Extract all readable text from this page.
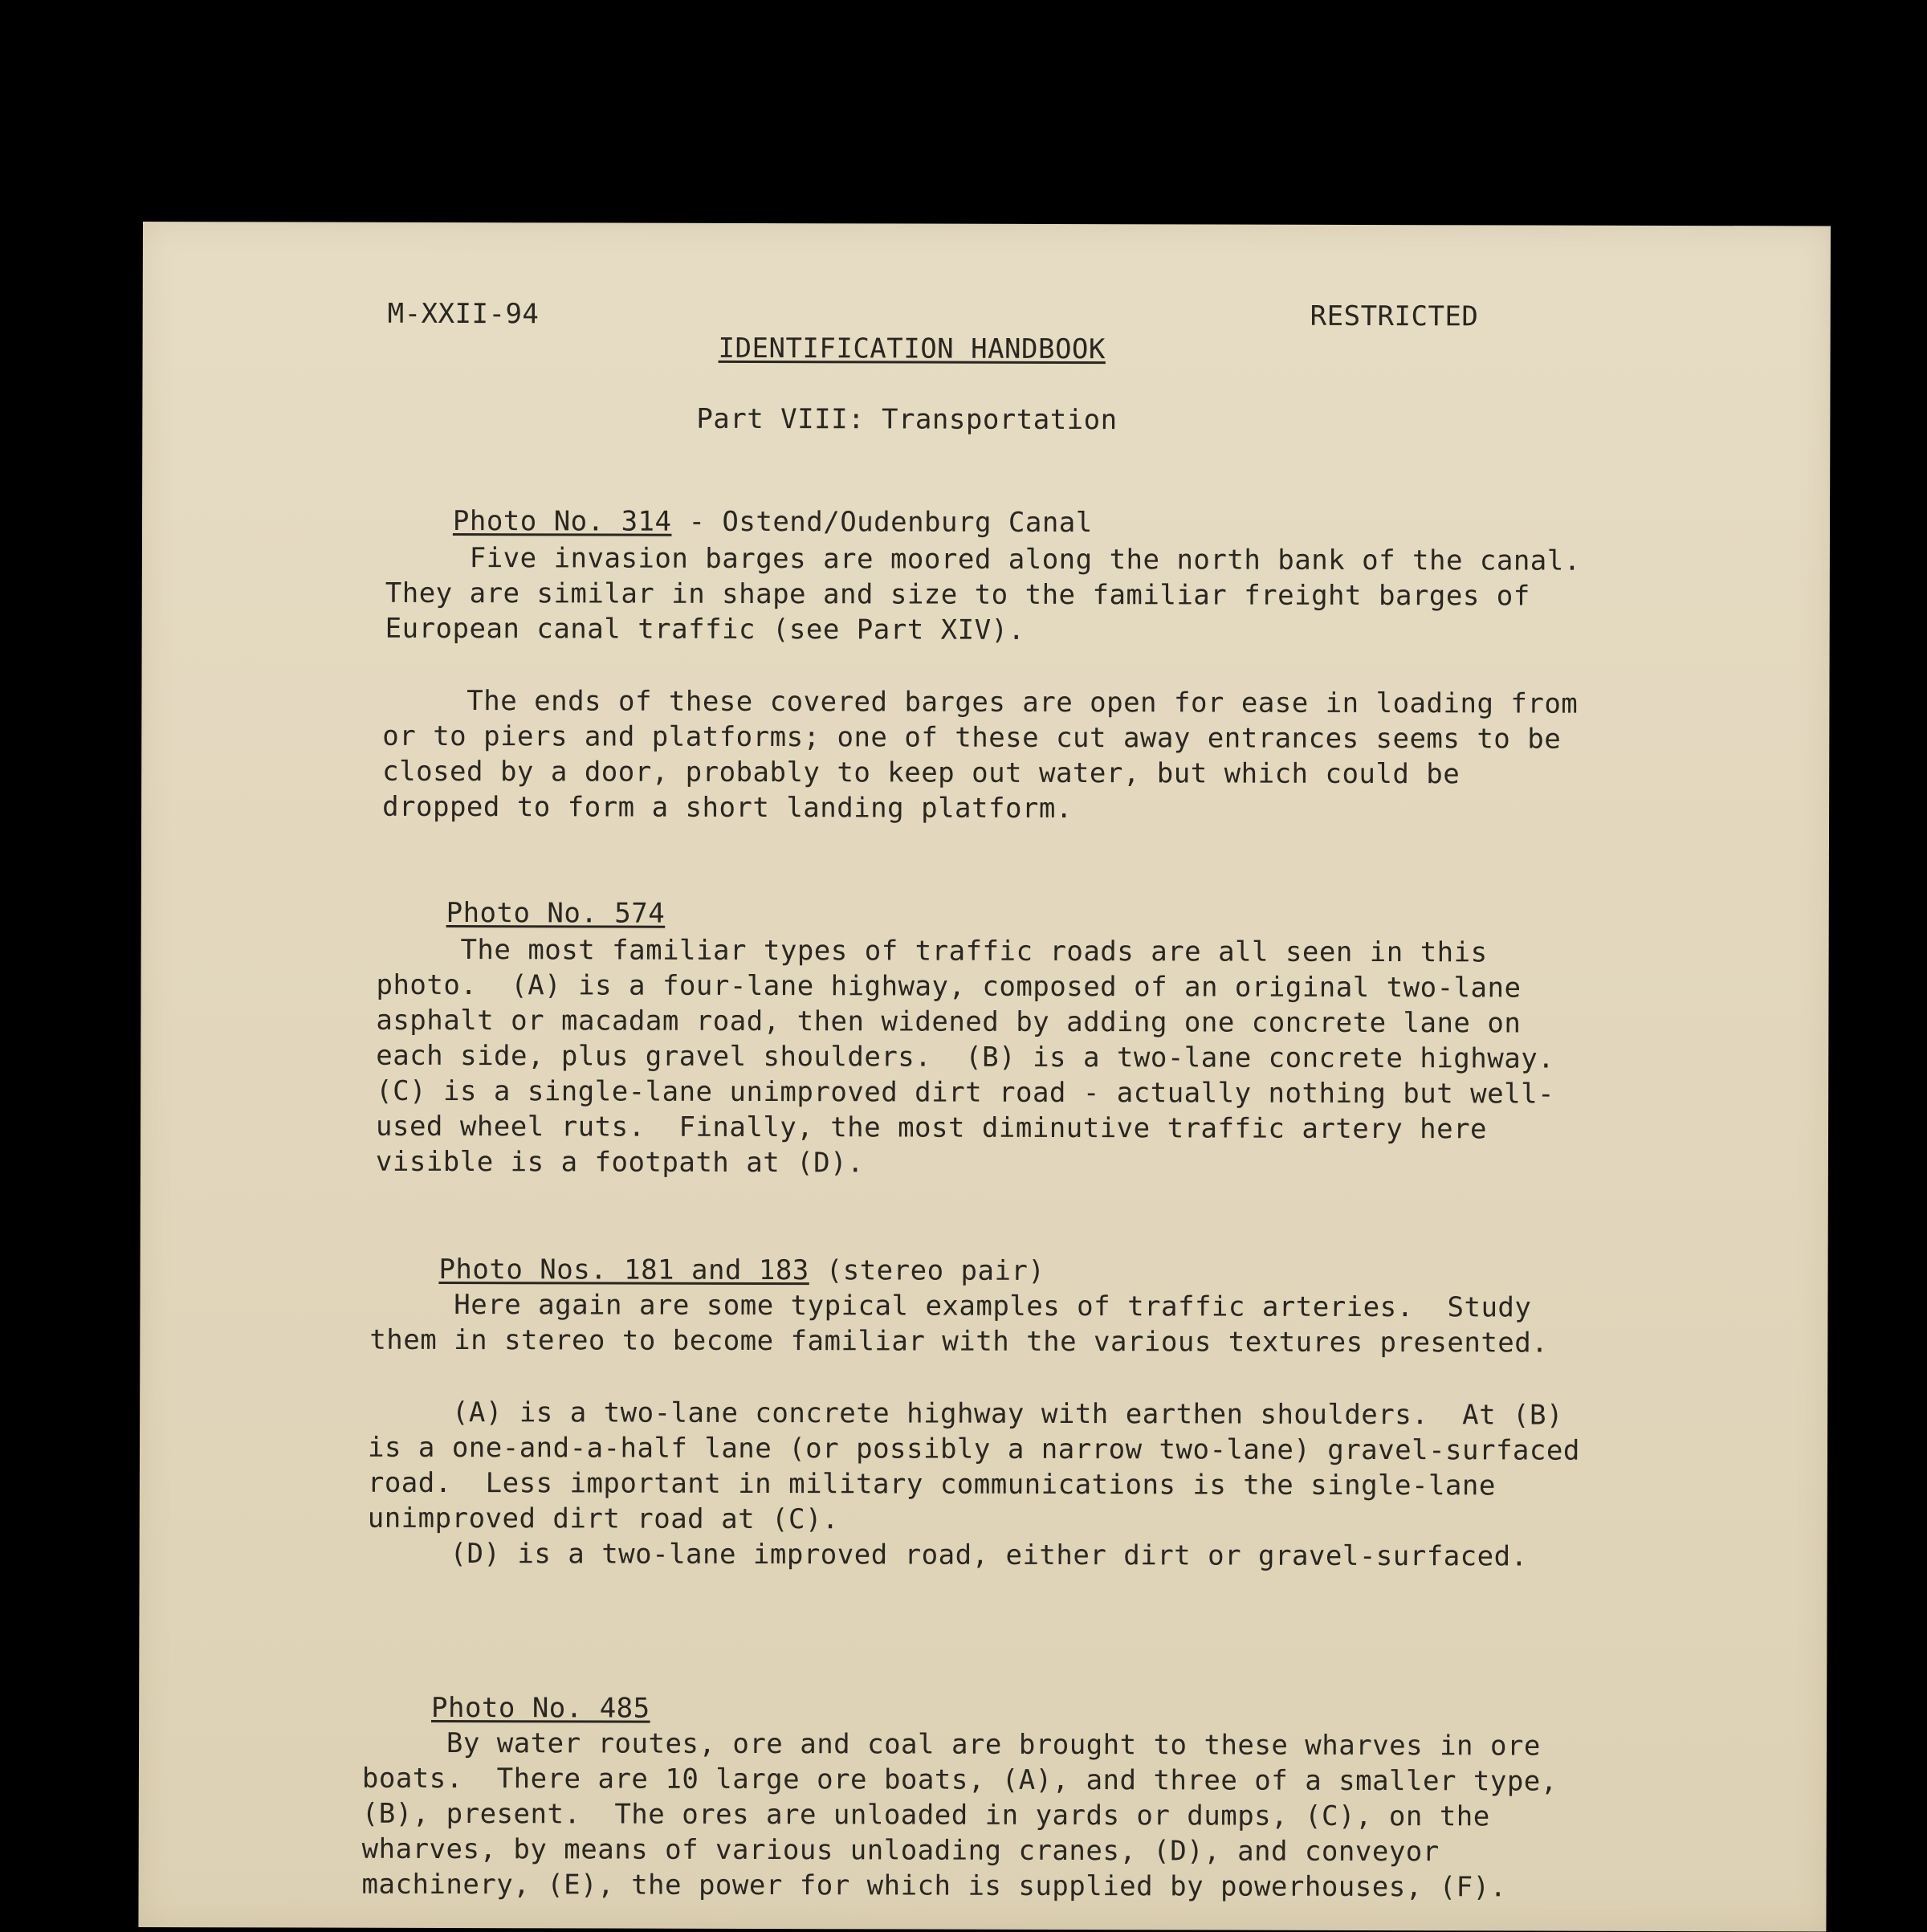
M-XXII-94	RESTRICTED
IDENTIFICATION HANDBOOK
Part VIII: Transportation

Photo No. 314 - Ostend/Oudenburg Canal

Five invasion barges are moored along the north bank of the canal.
They are similar in shape and size to the familiar freight barges of
European canal traffic (see Part XIV).
The ends of these covered barges are open for ease in loading from
or to piers and platforms; one of these cut away entrances seems to be
closed by a door, probably to keep out water, but which could be
dropped to form a short landing platform.

Photo No. 574

The most familiar types of traffic roads are all seen in this
photo.  (A) is a four-lane highway, composed of an original two-lane
asphalt or macadam road, then widened by adding one concrete lane on
each side, plus gravel shoulders.  (B) is a two-lane concrete highway.
(C) is a single-lane unimproved dirt road - actually nothing but well-
used wheel ruts.  Finally, the most diminutive traffic artery here
visible is a footpath at (D).

Photo Nos. 181 and 183 (stereo pair)

Here again are some typical examples of traffic arteries.  Study
them in stereo to become familiar with the various textures presented.
(A) is a two-lane concrete highway with earthen shoulders.  At (B)
is a one-and-a-half lane (or possibly a narrow two-lane) gravel-surfaced
road.  Less important in military communications is the single-lane
unimproved dirt road at (C).
(D) is a two-lane improved road, either dirt or gravel-surfaced.

Photo No. 485

By water routes, ore and coal are brought to these wharves in ore
boats.  There are 10 large ore boats, (A), and three of a smaller type,
(B), present.  The ores are unloaded in yards or dumps, (C), on the
wharves, by means of various unloading cranes, (D), and conveyor
machinery, (E), the power for which is supplied by powerhouses, (F).
